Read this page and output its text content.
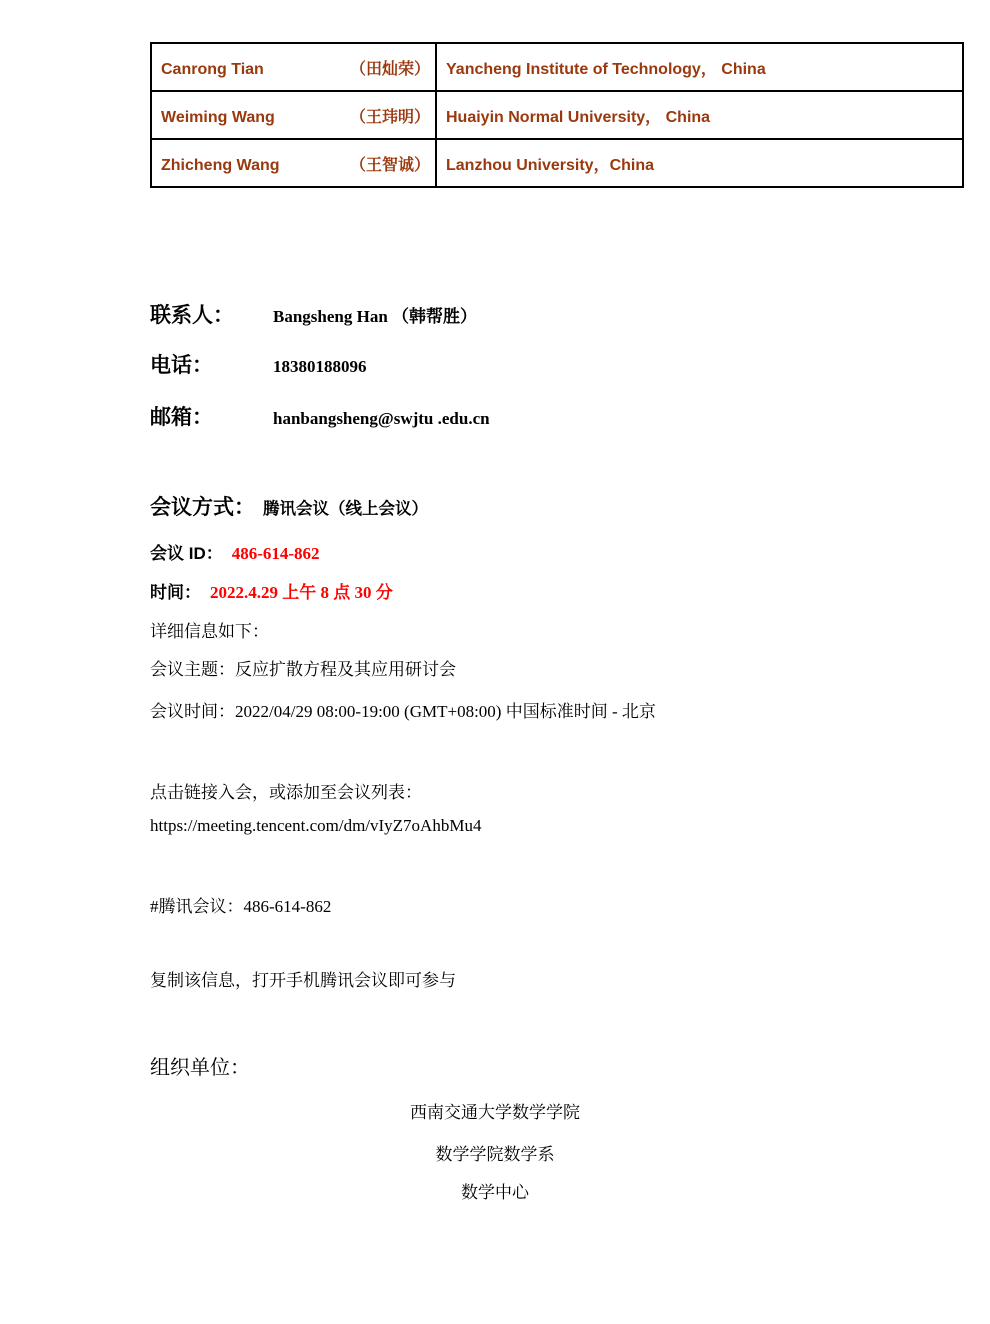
Canrong Tian （田灿荣）	Yancheng Institute of Technology， China

Weiming Wang （王玮明）	Huaiyin Normal University， China

Zhicheng Wang （王智诚）	Lanzhou University，China
联系人：	Bangsheng Han （韩帮胜）
电话：	18380188096
邮箱：	hanbangsheng@swjtu .edu.cn
会议方式： 腾讯会议（线上会议）
会议 ID： 486-614-862
时间： 2022.4.29 上午 8 点 30 分
详细信息如下：
会议主题：反应扩散方程及其应用研讨会
会议时间：2022/04/29 08:00-19:00 (GMT+08:00) 中国标准时间 - 北京
点击链接入会，或添加至会议列表：
https://meeting.tencent.com/dm/vIyZ7oAhbMu4
#腾讯会议：486-614-862
复制该信息，打开手机腾讯会议即可参与
组织单位：
西南交通大学数学学院
数学学院数学系
数学中心
